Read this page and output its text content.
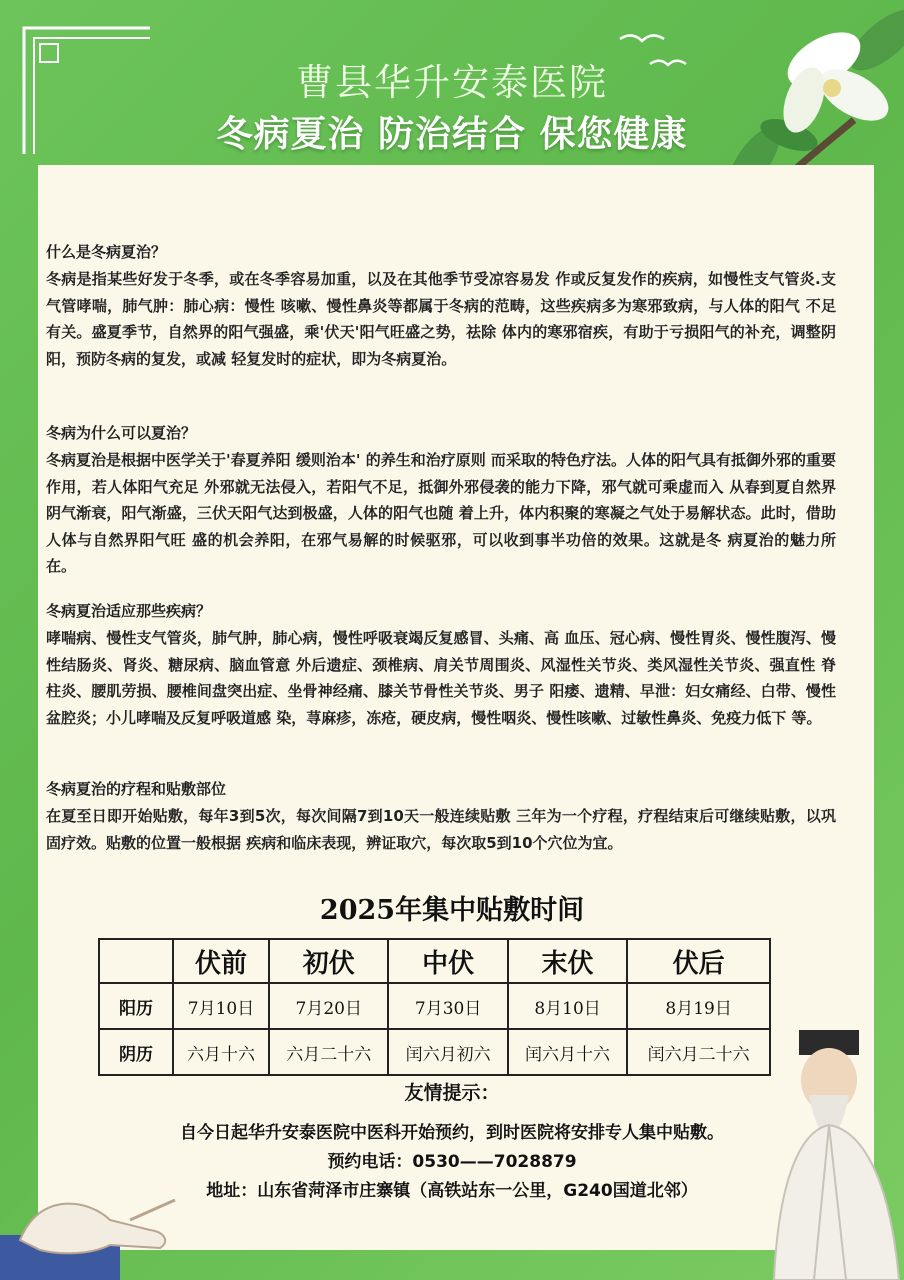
曹县华升安泰医院
冬病夏治 防治结合 保您健康
什么是冬病夏治？
冬病是指某些好发于冬季，或在冬季容易加重，以及在其他季节受凉容易发 作或反复发作的疾病，如慢性支气管炎.支气管哮喘，肺气肿：肺心病：慢性 咳嗽、慢性鼻炎等都属于冬病的范畴，这些疾病多为寒邪致病，与人体的阳气 不足有关。盛夏季节，自然界的阳气强盛，乘'伏天'阳气旺盛之势，祛除 体内的寒邪宿疾，有助于亏损阳气的补充，调整阴阳，预防冬病的复发，或减 轻复发时的症状，即为冬病夏治。
冬病为什么可以夏治？
冬病夏治是根据中医学关于'春夏养阳 缓则治本' 的养生和治疗原则 而采取的特色疗法。人体的阳气具有抵御外邪的重要作用，若人体阳气充足 外邪就无法侵入，若阳气不足，抵御外邪侵袭的能力下降，邪气就可乘虚而入 从春到夏自然界阴气渐衰，阳气渐盛，三伏天阳气达到极盛，人体的阳气也随 着上升，体内积聚的寒凝之气处于易解状态。此时，借助人体与自然界阳气旺 盛的机会养阳，在邪气易解的时候驱邪，可以收到事半功倍的效果。这就是冬 病夏治的魅力所在。
冬病夏治适应那些疾病？
哮喘病、慢性支气管炎，肺气肿，肺心病，慢性呼吸衰竭反复感冒、头痛、高 血压、冠心病、慢性胃炎、慢性腹泻、慢性结肠炎、肾炎、糖尿病、脑血管意 外后遗症、颈椎病、肩关节周围炎、风湿性关节炎、类风湿性关节炎、强直性 脊柱炎、腰肌劳损、腰椎间盘突出症、坐骨神经痛、膝关节骨性关节炎、男子 阳痿、遗精、早泄：妇女痛经、白带、慢性盆腔炎；小儿哮喘及反复呼吸道感 染，荨麻疹，冻疮，硬皮病，慢性咽炎、慢性咳嗽、过敏性鼻炎、免疫力低下 等。
冬病夏治的疗程和贴敷部位
在夏至日即开始贴敷，每年3到5次，每次间隔7到10天一般连续贴敷 三年为一个疗程，疗程结束后可继续贴敷，以巩固疗效。贴敷的位置一般根据 疾病和临床表现，辨证取穴，每次取5到10个穴位为宜。
2025年集中贴敷时间
	伏前	初伏	中伏	末伏	伏后
阳历	7月10日	7月20日	7月30日	8月10日	8月19日
阴历	六月十六	六月二十六	闰六月初六	闰六月十六	闰六月二十六
友情提示：
自今日起华升安泰医院中医科开始预约，到时医院将安排专人集中贴敷。
预约电话：0530——7028879
地址：山东省菏泽市庄寨镇（高铁站东一公里，G240国道北邻）
